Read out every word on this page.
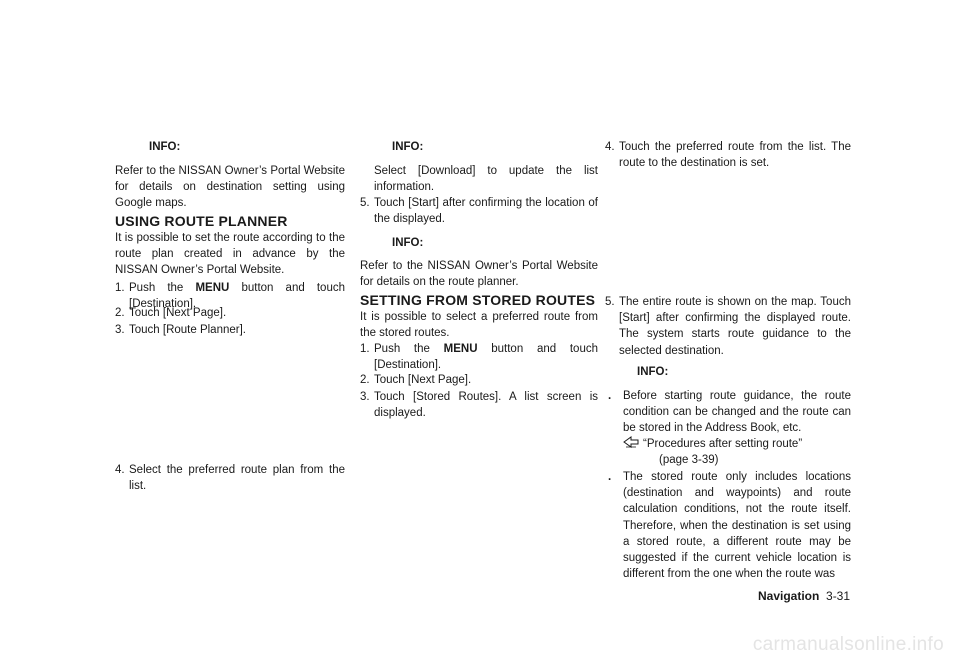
INFO:

Refer to the NISSAN Owner’s Portal Website for details on destination setting using Google maps.

USING ROUTE PLANNER

It is possible to set the route according to the route plan created in advance by the NISSAN Owner’s Portal Website.

1. Push the MENU button and touch [Destination].
2. Touch [Next Page].
3. Touch [Route Planner].
4. Select the preferred route plan from the list.
INFO:

Select [Download] to update the list information.

5. Touch [Start] after confirming the location of the displayed.
INFO:

Refer to the NISSAN Owner’s Portal Website for details on the route planner.

SETTING FROM STORED ROUTES

It is possible to select a preferred route from the stored routes.

1. Push the MENU button and touch [Destination].
2. Touch [Next Page].
3. Touch [Stored Routes]. A list screen is displayed.
4. Touch the preferred route from the list. The route to the destination is set.
5. The entire route is shown on the map. Touch [Start] after confirming the displayed route. The system starts route guidance to the selected destination.
INFO:
.	Before starting route guidance, the route condition can be changed and the route can be stored in the Address Book, etc.
“Procedures after setting route”
(page 3-39)
.	The stored route only includes locations (destination and waypoints) and route calculation conditions, not the route itself. Therefore, when the destination is set using a stored route, a different route may be suggested if the current vehicle location is different from the one when the route was
Navigation 3-31
carmanualsonline.info
